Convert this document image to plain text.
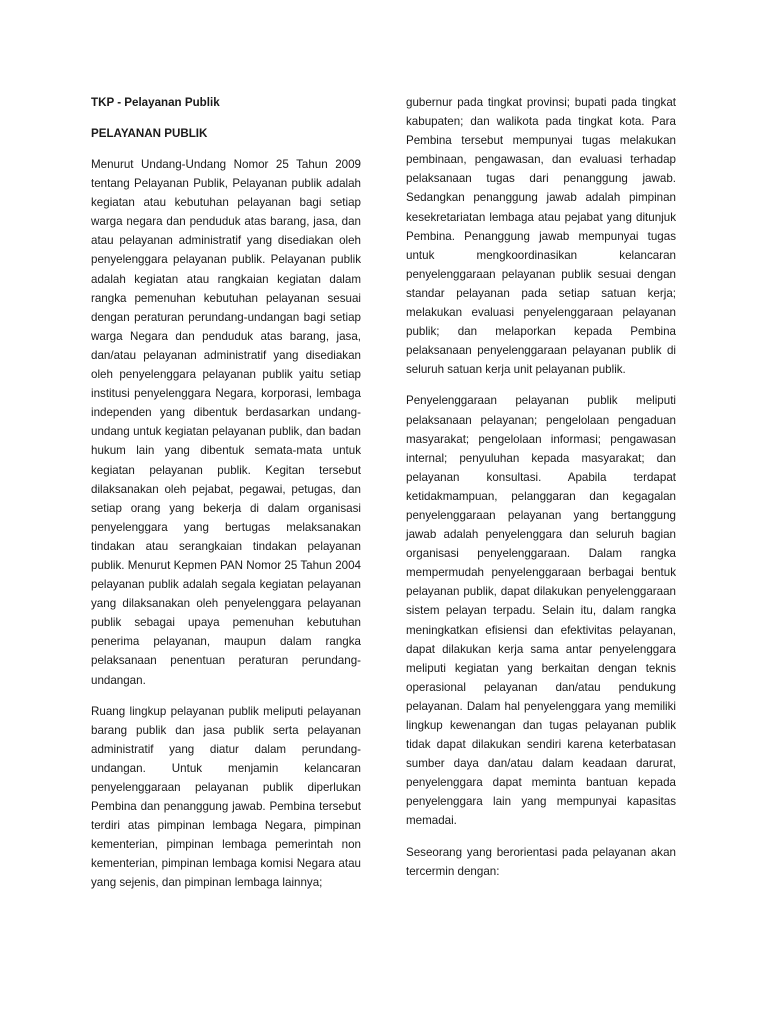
TKP - Pelayanan Publik

PELAYANAN PUBLIK

Menurut Undang-Undang Nomor 25 Tahun 2009 tentang Pelayanan Publik, Pelayanan publik adalah kegiatan atau kebutuhan pelayanan bagi setiap warga negara dan penduduk atas barang, jasa, dan atau pelayanan administratif yang disediakan oleh penyelenggara pelayanan publik. Pelayanan publik adalah kegiatan atau rangkaian kegiatan dalam rangka pemenuhan kebutuhan pelayanan sesuai dengan peraturan perundang-undangan bagi setiap warga Negara dan penduduk atas barang, jasa, dan/atau pelayanan administratif yang disediakan oleh penyelenggara pelayanan publik yaitu setiap institusi penyelenggara Negara, korporasi, lembaga independen yang dibentuk berdasarkan undang-undang untuk kegiatan pelayanan publik, dan badan hukum lain yang dibentuk semata-mata untuk kegiatan pelayanan publik. Kegitan tersebut dilaksanakan oleh pejabat, pegawai, petugas, dan setiap orang yang bekerja di dalam organisasi penyelenggara yang bertugas melaksanakan tindakan atau serangkaian tindakan pelayanan publik. Menurut Kepmen PAN Nomor 25 Tahun 2004 pelayanan publik adalah segala kegiatan pelayanan yang dilaksanakan oleh penyelenggara pelayanan publik sebagai upaya pemenuhan kebutuhan penerima pelayanan, maupun dalam rangka pelaksanaan penentuan peraturan perundang-undangan.

Ruang lingkup pelayanan publik meliputi pelayanan barang publik dan jasa publik serta pelayanan administratif yang diatur dalam perundang-undangan. Untuk menjamin kelancaran penyelenggaraan pelayanan publik diperlukan Pembina dan penanggung jawab. Pembina tersebut terdiri atas pimpinan lembaga Negara, pimpinan kementerian, pimpinan lembaga pemerintah non kementerian, pimpinan lembaga komisi Negara atau yang sejenis, dan pimpinan lembaga lainnya;

gubernur pada tingkat provinsi; bupati pada tingkat kabupaten; dan walikota pada tingkat kota. Para Pembina tersebut mempunyai tugas melakukan pembinaan, pengawasan, dan evaluasi terhadap pelaksanaan tugas dari penanggung jawab. Sedangkan penanggung jawab adalah pimpinan kesekretariatan lembaga atau pejabat yang ditunjuk Pembina. Penanggung jawab mempunyai tugas untuk mengkoordinasikan kelancaran penyelenggaraan pelayanan publik sesuai dengan standar pelayanan pada setiap satuan kerja; melakukan evaluasi penyelenggaraan pelayanan publik; dan melaporkan kepada Pembina pelaksanaan penyelenggaraan pelayanan publik di seluruh satuan kerja unit pelayanan publik.

Penyelenggaraan pelayanan publik meliputi pelaksanaan pelayanan; pengelolaan pengaduan masyarakat; pengelolaan informasi; pengawasan internal; penyuluhan kepada masyarakat; dan pelayanan konsultasi. Apabila terdapat ketidakmampuan, pelanggaran dan kegagalan penyelenggaraan pelayanan yang bertanggung jawab adalah penyelenggara dan seluruh bagian organisasi penyelenggaraan. Dalam rangka mempermudah penyelenggaraan berbagai bentuk pelayanan publik, dapat dilakukan penyelenggaraan sistem pelayan terpadu. Selain itu, dalam rangka meningkatkan efisiensi dan efektivitas pelayanan, dapat dilakukan kerja sama antar penyelenggara meliputi kegiatan yang berkaitan dengan teknis operasional pelayanan dan/atau pendukung pelayanan. Dalam hal penyelenggara yang memiliki lingkup kewenangan dan tugas pelayanan publik tidak dapat dilakukan sendiri karena keterbatasan sumber daya dan/atau dalam keadaan darurat, penyelenggara dapat meminta bantuan kepada penyelenggara lain yang mempunyai kapasitas memadai.

Seseorang yang berorientasi pada pelayanan akan tercermin dengan:
